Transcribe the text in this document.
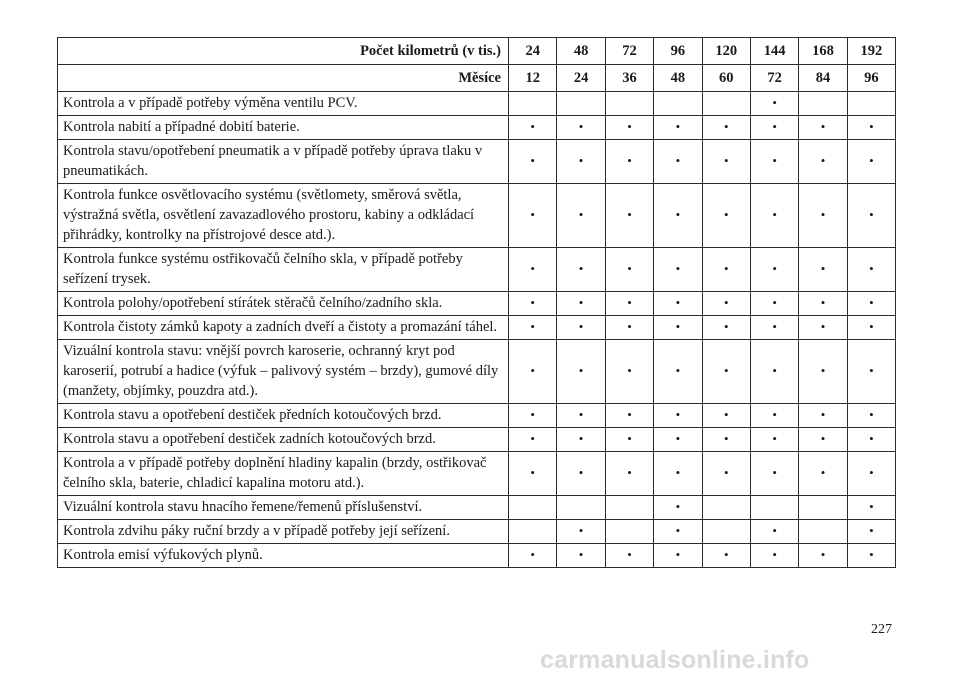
Počet kilometrů (v tis.)	24	48	72	96	120	144	168	192
Měsíce	12	24	36	48	60	72	84	96
Kontrola a v případě potřeby výměna ventilu PCV.						•		
Kontrola nabití a případné dobití baterie.	•	•	•	•	•	•	•	•
Kontrola stavu/opotřebení pneumatik a v případě potřeby úprava tlaku v pneumatikách.	•	•	•	•	•	•	•	•
Kontrola funkce osvětlovacího systému (světlomety, směrová světla, výstražná světla, osvětlení zavazadlového prostoru, kabiny a odkládací přihrádky, kontrolky na přístrojové desce atd.).	•	•	•	•	•	•	•	•
Kontrola funkce systému ostřikovačů čelního skla, v případě potřeby seřízení trysek.	•	•	•	•	•	•	•	•
Kontrola polohy/opotřebení stírátek stěračů čelního/zadního skla.	•	•	•	•	•	•	•	•
Kontrola čistoty zámků kapoty a zadních dveří a čistoty a promazání táhel.	•	•	•	•	•	•	•	•
Vizuální kontrola stavu: vnější povrch karoserie, ochranný kryt pod karoserií, potrubí a hadice (výfuk – palivový systém – brzdy), gumové díly (manžety, objímky, pouzdra atd.).	•	•	•	•	•	•	•	•
Kontrola stavu a opotřebení destiček předních kotoučových brzd.	•	•	•	•	•	•	•	•
Kontrola stavu a opotřebení destiček zadních kotoučových brzd.	•	•	•	•	•	•	•	•
Kontrola a v případě potřeby doplnění hladiny kapalin (brzdy, ostřikovač čelního skla, baterie, chladicí kapalina motoru atd.).	•	•	•	•	•	•	•	•
Vizuální kontrola stavu hnacího řemene/řemenů příslušenství.				•				•
Kontrola zdvihu páky ruční brzdy a v případě potřeby její seřízení.		•		•		•		•
Kontrola emisí výfukových plynů.	•	•	•	•	•	•	•	•
227
carmanualsonline.info
